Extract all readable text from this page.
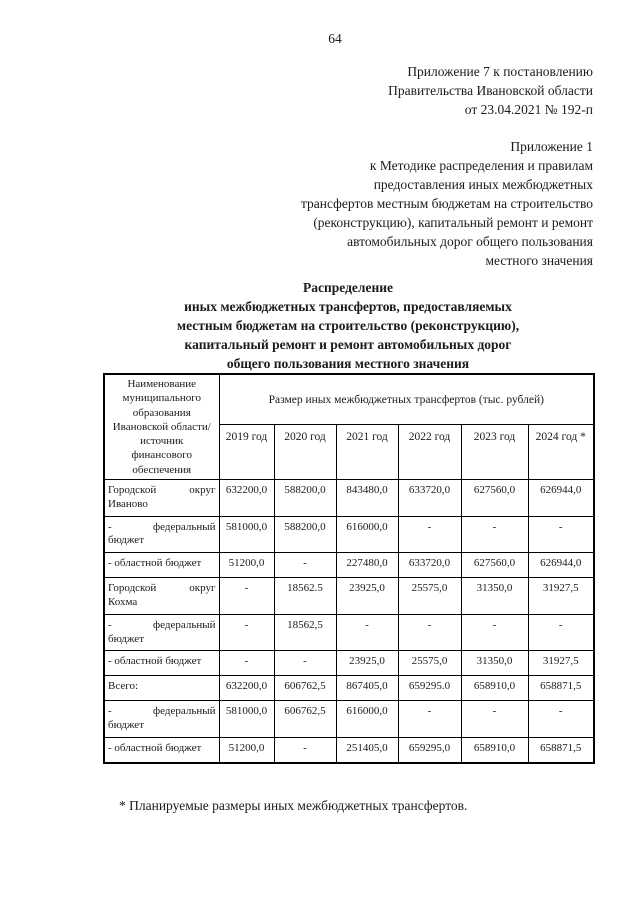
64
Приложение 7 к постановлению
Правительства Ивановской области
от 23.04.2021 № 192-п
Приложение 1
к Методике распределения и правилам
предоставления иных межбюджетных
трансфертов местным бюджетам на строительство
(реконструкцию), капитальный ремонт и ремонт
автомобильных дорог общего пользования
местного значения
Распределение
иных межбюджетных трансфертов, предоставляемых
местным бюджетам на строительство (реконструкцию),
капитальный ремонт и ремонт автомобильных дорог
общего пользования местного значения
Наименование муниципального образования Ивановской области/источник финансового обеспечения	Размер иных межбюджетных трансфертов (тыс. рублей)					
	2019 год	2020 год	2021 год	2022 год	2023 год	2024 год *
Городской округ Иваново	632200,0	588200,0	843480,0	633720,0	627560,0	626944,0
- федеральный бюджет	581000,0	588200,0	616000,0	-	-	-
- областной бюджет	51200,0	-	227480,0	633720,0	627560,0	626944,0
Городской округ Кохма	-	18562.5	23925,0	25575,0	31350,0	31927,5
- федеральный бюджет	-	18562,5	-	-	-	-
- областной бюджет	-	-	23925,0	25575,0	31350,0	31927,5
Всего:	632200,0	606762,5	867405,0	659295.0	658910,0	658871,5
- федеральный бюджет	581000,0	606762,5	616000,0	-	-	-
- областной бюджет	51200,0	-	251405,0	659295,0	658910,0	658871,5
* Планируемые размеры иных межбюджетных трансфертов.
